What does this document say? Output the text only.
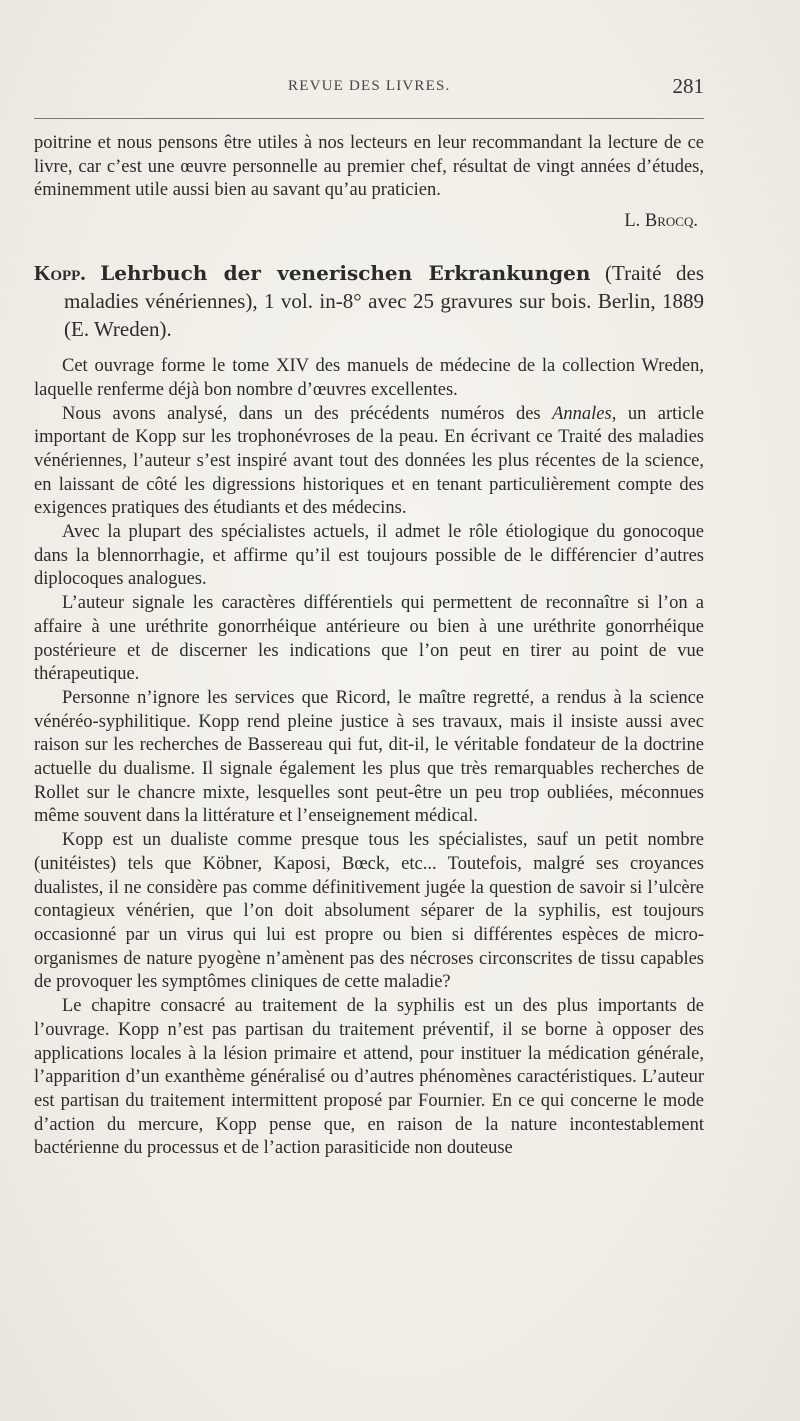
REVUE DES LIVRES.	281

poitrine et nous pensons être utiles à nos lecteurs en leur recommandant la lecture de ce livre, car c’est une œuvre personnelle au premier chef, résultat de vingt années d’études, éminemment utile aussi bien au savant qu’au praticien.

L. Brocq.
Kopp. Lehrbuch der venerischen Erkrankungen (Traité des maladies vénériennes), 1 vol. in-8° avec 25 gravures sur bois. Berlin, 1889 (E. Wreden).

Cet ouvrage forme le tome XIV des manuels de médecine de la collection Wreden, laquelle renferme déjà bon nombre d’œuvres excellentes.

Nous avons analysé, dans un des précédents numéros des Annales, un article important de Kopp sur les trophonévroses de la peau. En écrivant ce Traité des maladies vénériennes, l’auteur s’est inspiré avant tout des données les plus récentes de la science, en laissant de côté les digressions historiques et en tenant particulièrement compte des exigences pratiques des étudiants et des médecins.

Avec la plupart des spécialistes actuels, il admet le rôle étiologique du gonocoque dans la blennorrhagie, et affirme qu’il est toujours possible de le différencier d’autres diplocoques analogues.

L’auteur signale les caractères différentiels qui permettent de reconnaître si l’on a affaire à une uréthrite gonorrhéique antérieure ou bien à une uréthrite gonorrhéique postérieure et de discerner les indications que l’on peut en tirer au point de vue thérapeutique.

Personne n’ignore les services que Ricord, le maître regretté, a rendus à la science vénéréo-syphilitique. Kopp rend pleine justice à ses travaux, mais il insiste aussi avec raison sur les recherches de Bassereau qui fut, dit-il, le véritable fondateur de la doctrine actuelle du dualisme. Il signale également les plus que très remarquables recherches de Rollet sur le chancre mixte, lesquelles sont peut-être un peu trop oubliées, méconnues même souvent dans la littérature et l’enseignement médical.

Kopp est un dualiste comme presque tous les spécialistes, sauf un petit nombre (unitéistes) tels que Köbner, Kaposi, Bœck, etc... Toutefois, malgré ses croyances dualistes, il ne considère pas comme définitivement jugée la question de savoir si l’ulcère contagieux vénérien, que l’on doit absolument séparer de la syphilis, est toujours occasionné par un virus qui lui est propre ou bien si différentes espèces de micro-organismes de nature pyogène n’amènent pas des nécroses circonscrites de tissu capables de provoquer les symptômes cliniques de cette maladie?

Le chapitre consacré au traitement de la syphilis est un des plus importants de l’ouvrage. Kopp n’est pas partisan du traitement préventif, il se borne à opposer des applications locales à la lésion primaire et attend, pour instituer la médication générale, l’apparition d’un exanthème généralisé ou d’autres phénomènes caractéristiques. L’auteur est partisan du traitement intermittent proposé par Fournier. En ce qui concerne le mode d’action du mercure, Kopp pense que, en raison de la nature incontestablement bactérienne du processus et de l’action parasiticide non douteuse
